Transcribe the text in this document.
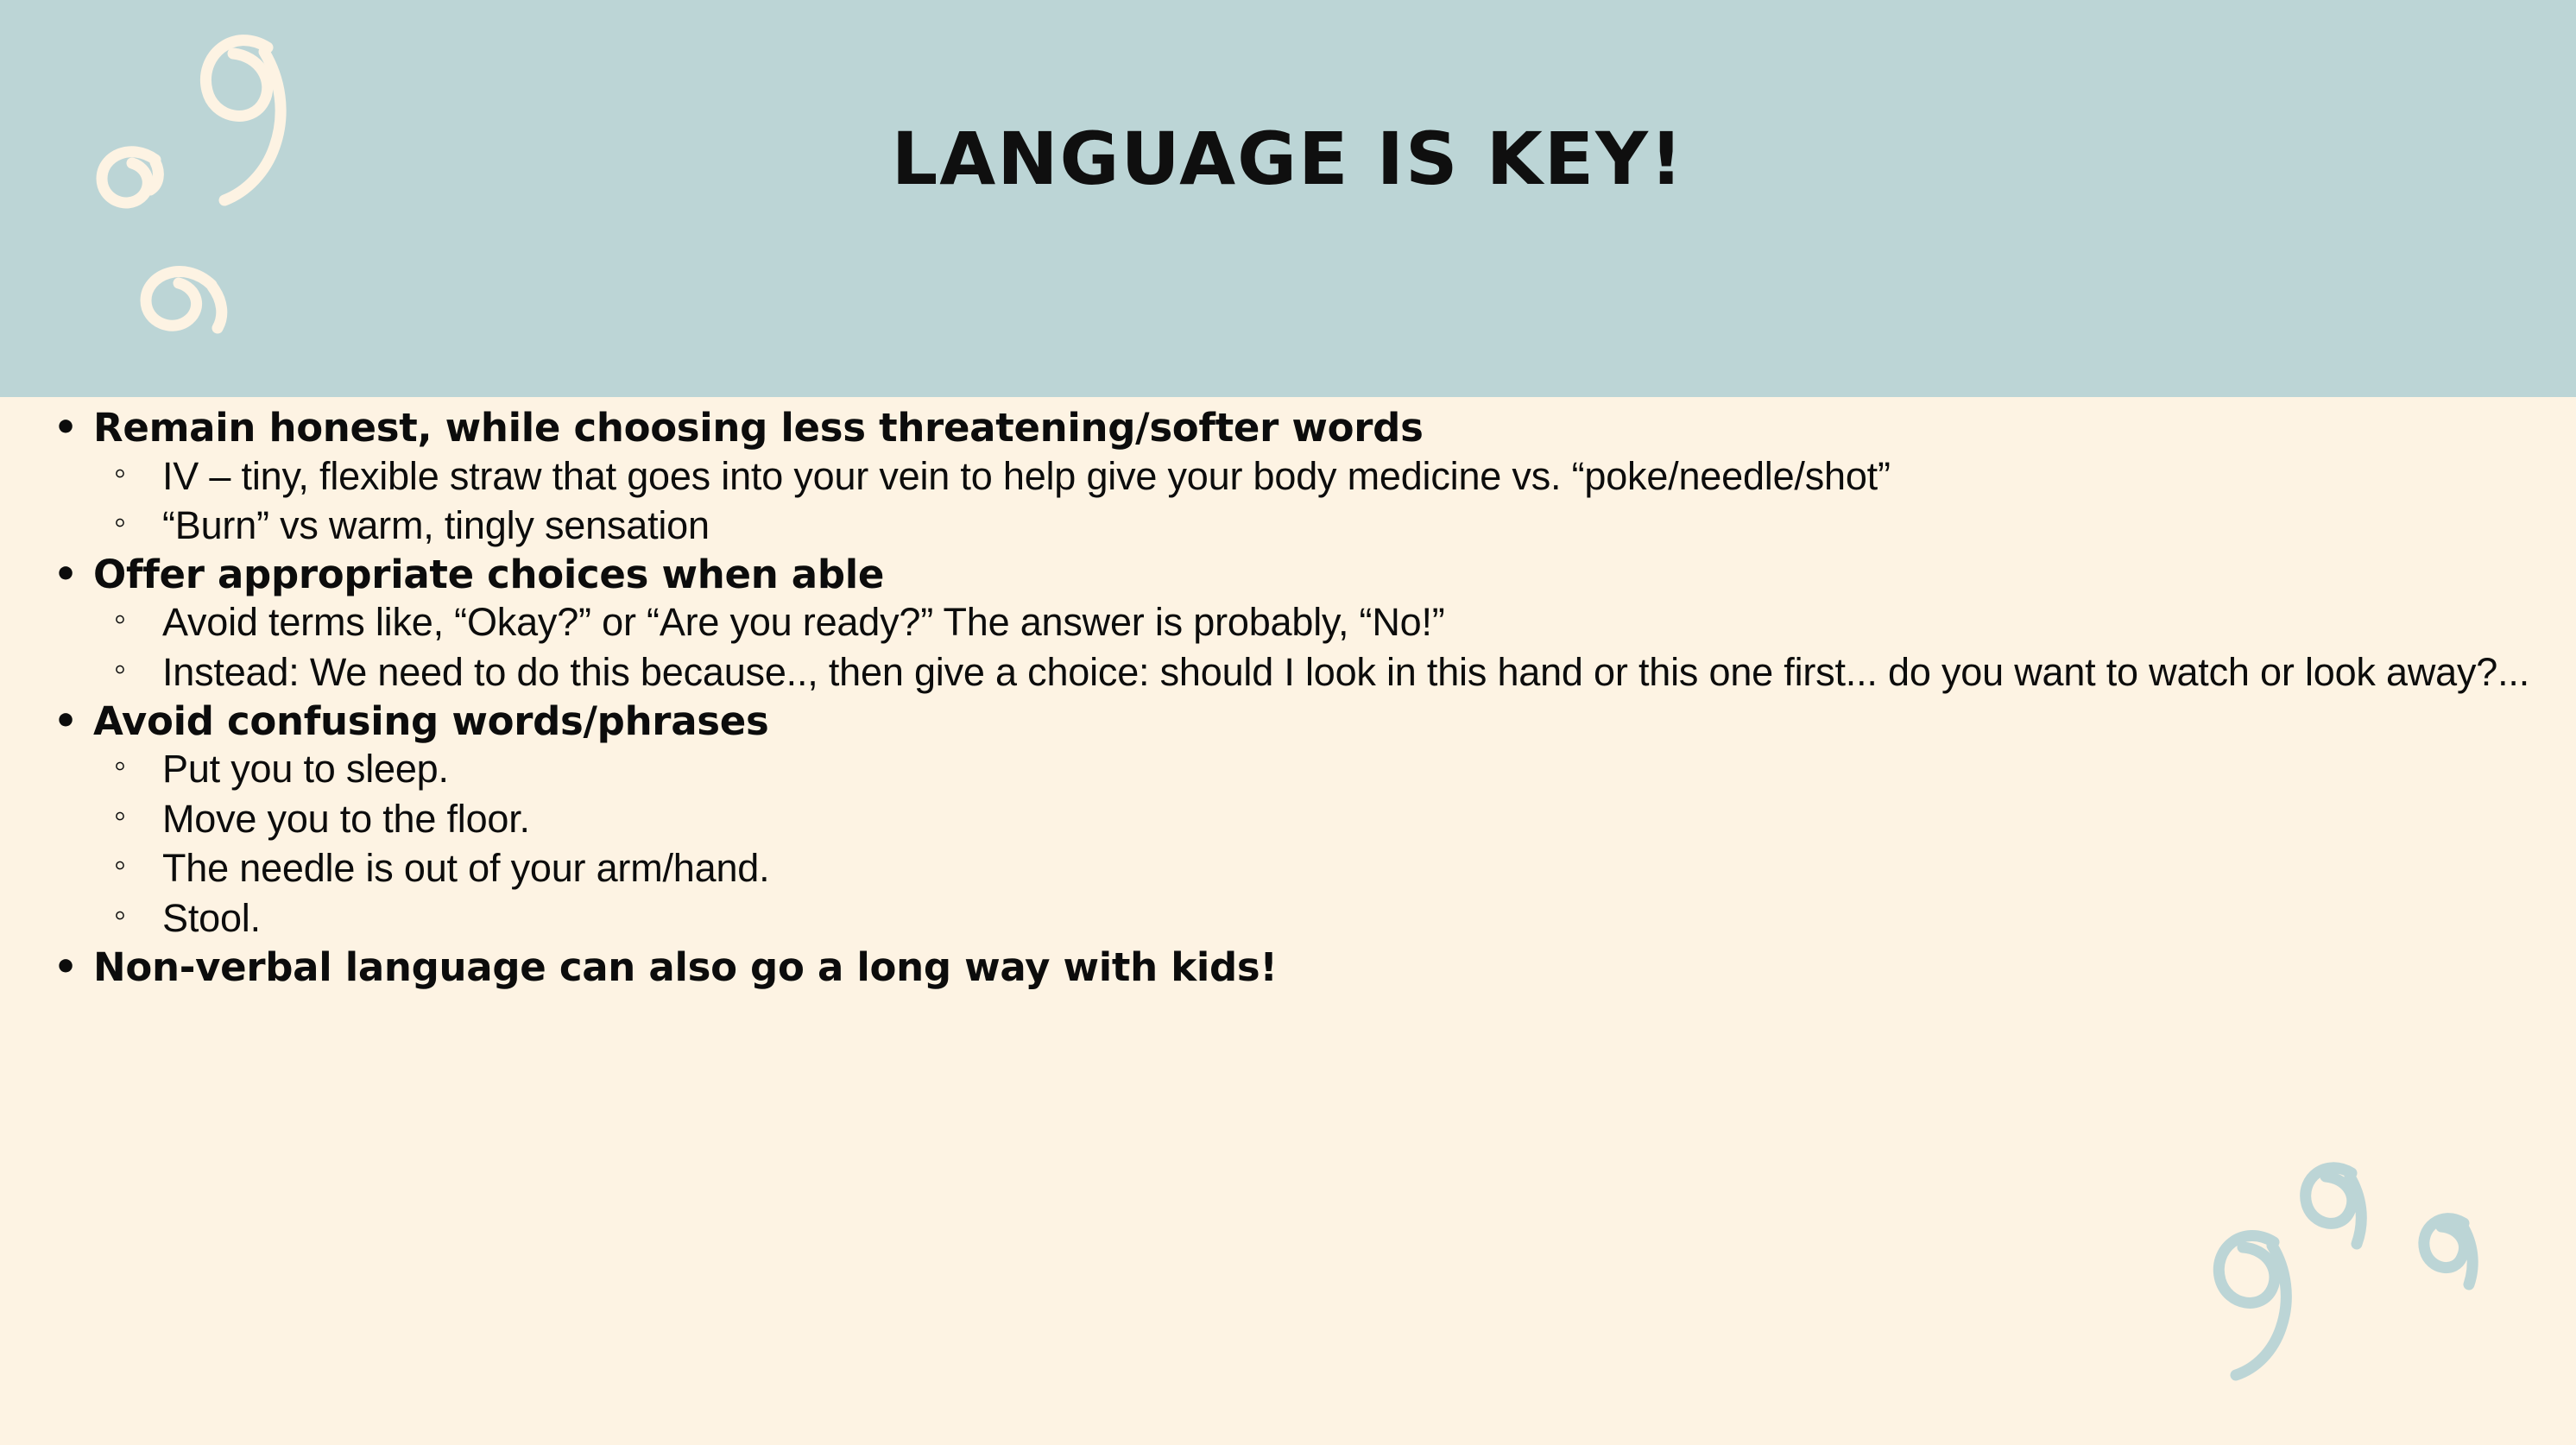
LANGUAGE IS KEY!
• Remain honest, while choosing less threatening/softer words
◦ IV – tiny, flexible straw that goes into your vein to help give your body medicine vs. “poke/needle/shot”
◦ “Burn” vs warm, tingly sensation
• Offer appropriate choices when able
◦ Avoid terms like, “Okay?” or “Are you ready?” The answer is probably, “No!”
◦ Instead: We need to do this because.., then give a choice: should I look in this hand or this one first... do you want to watch or look away?...
• Avoid confusing words/phrases
◦ Put you to sleep.
◦ Move you to the floor.
◦ The needle is out of your arm/hand.
◦ Stool.
• Non-verbal language can also go a long way with kids!
